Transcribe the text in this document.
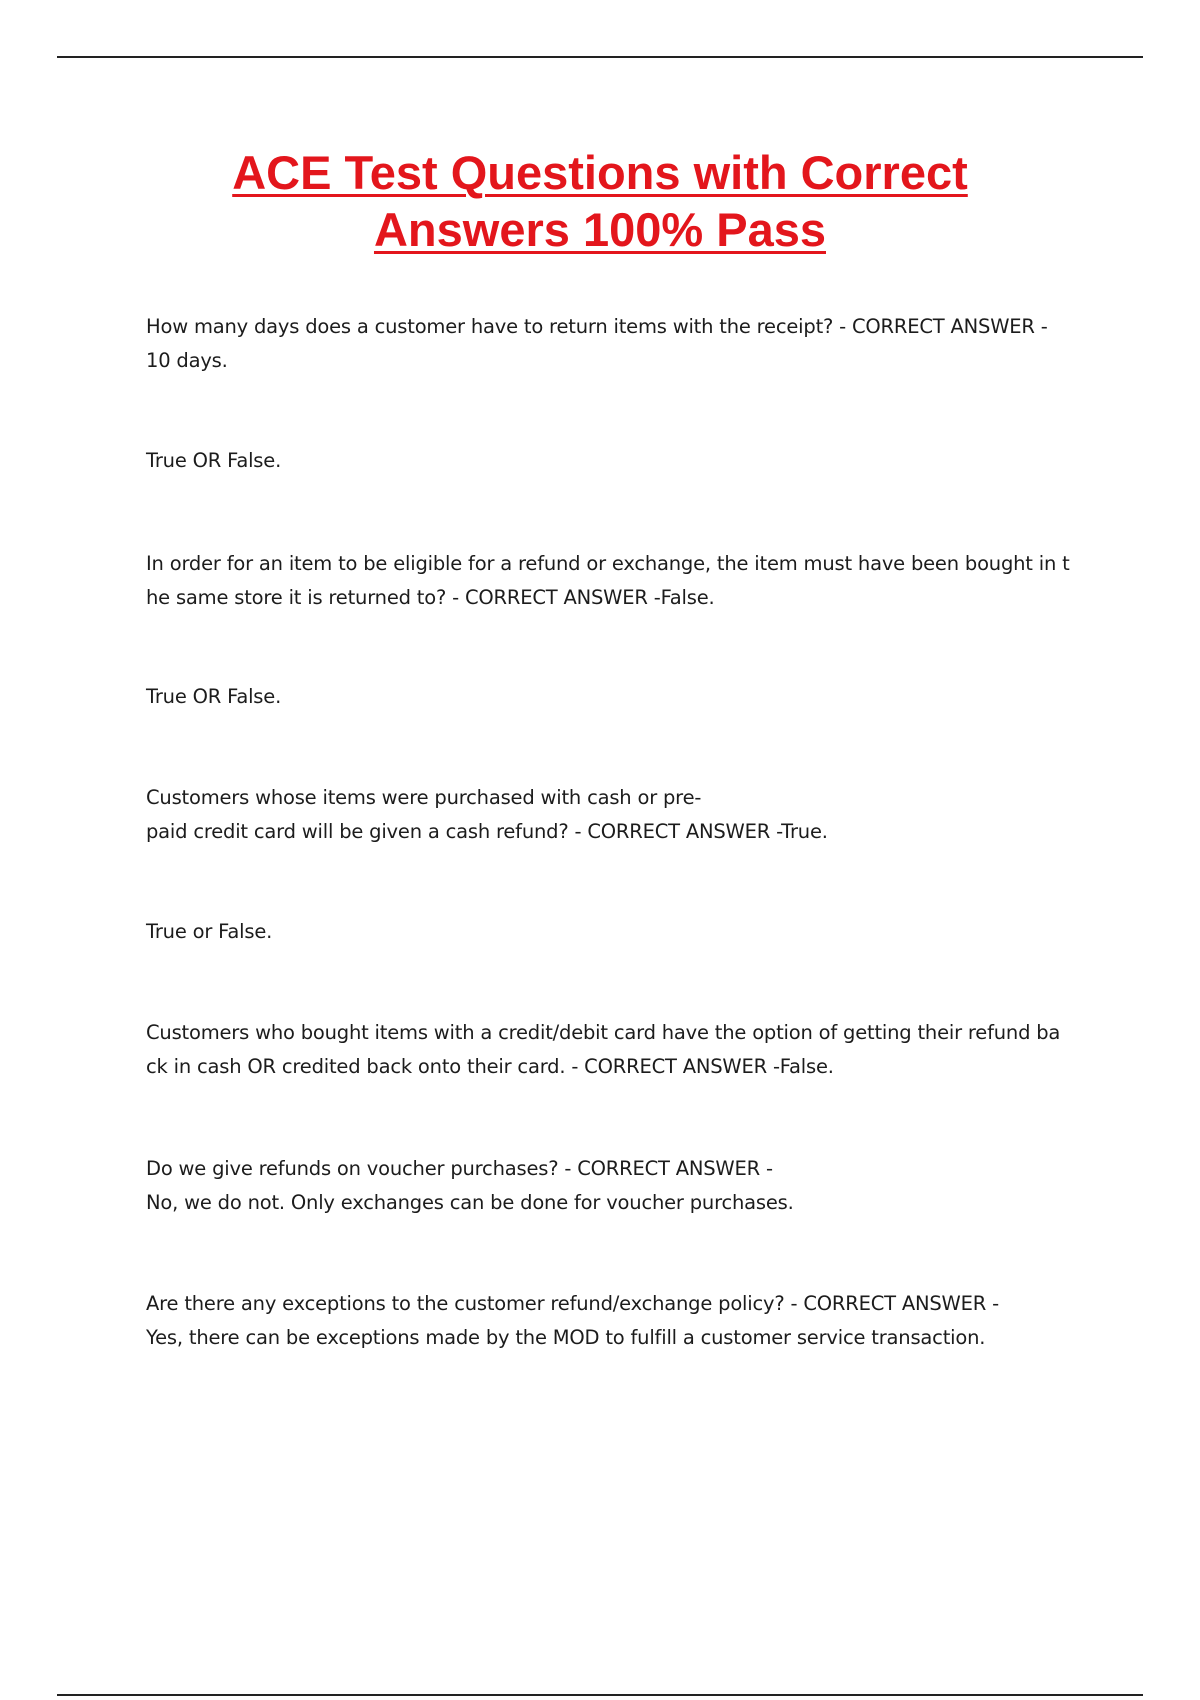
ACE Test Questions with Correct
Answers 100% Pass

How many days does a customer have to return items with the receipt? - CORRECT ANSWER -
10 days.

True OR False.

In order for an item to be eligible for a refund or exchange, the item must have been bought in t
he same store it is returned to? - CORRECT ANSWER -False.

True OR False.

Customers whose items were purchased with cash or pre-
paid credit card will be given a cash refund? - CORRECT ANSWER -True.

True or False.

Customers who bought items with a credit/debit card have the option of getting their refund ba
ck in cash OR credited back onto their card. - CORRECT ANSWER -False.

Do we give refunds on voucher purchases? - CORRECT ANSWER -
No, we do not. Only exchanges can be done for voucher purchases.

Are there any exceptions to the customer refund/exchange policy? - CORRECT ANSWER -
Yes, there can be exceptions made by the MOD to fulfill a customer service transaction.
